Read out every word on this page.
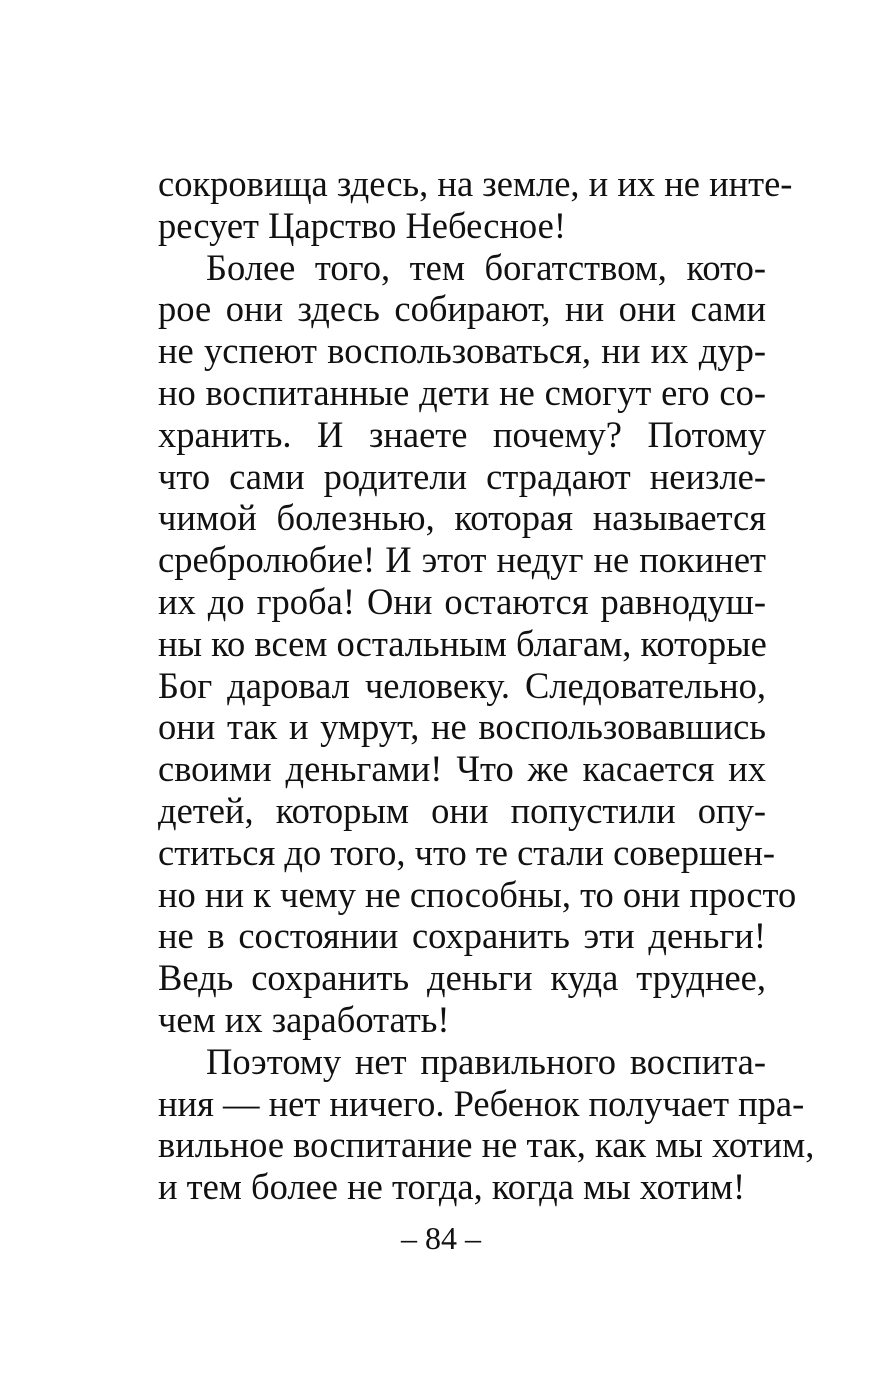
сокровища здесь, на земле, и их не инте-
ресует Царство Небесное!
Более того, тем богатством, кото-
рое они здесь собирают, ни они сами
не успеют воспользоваться, ни их дур-
но воспитанные дети не смогут его со-
хранить. И знаете почему? Потому
что сами родители страдают неизле-
чимой болезнью, которая называется
сребролюбие! И этот недуг не покинет
их до гроба! Они остаются равнодуш-
ны ко всем остальным благам, которые
Бог даровал человеку. Следовательно,
они так и умрут, не воспользовавшись
своими деньгами! Что же касается их
детей, которым они попустили опу-
ститься до того, что те стали совершен-
но ни к чему не способны, то они просто
не в состоянии сохранить эти деньги!
Ведь сохранить деньги куда труднее,
чем их заработать!
Поэтому нет правильного воспита-
ния — нет ничего. Ребенок получает пра-
вильное воспитание не так, как мы хотим,
и тем более не тогда, когда мы хотим!
– 84 –
